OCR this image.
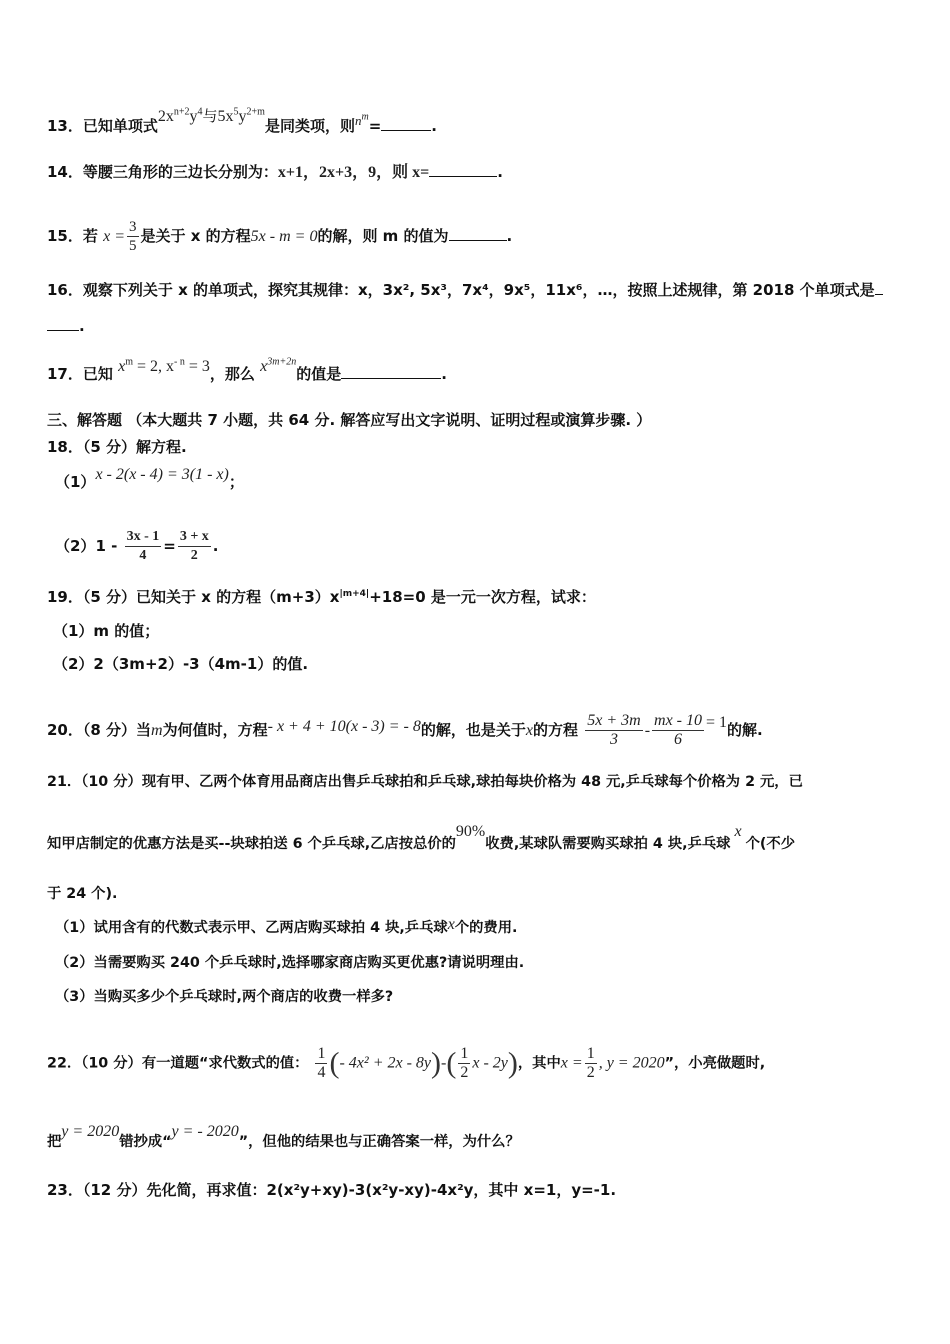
13．已知单项式$2x^{n+2}y^4$与$5x^5y^{2+m}$是同类项，则$n^m=$	.
14．等腰三角形的三边长分别为：x+1，2x+3，9，则 x=	.
15．若 $x = \frac{3}{5}$ 是关于 x 的方程5x - m = 0的解，则 m 的值为	.
16．观察下列关于 x 的单项式，探究其规律：x，3x², 5x³，7x⁴，9x⁵，11x⁶，…，按照上述规律，第 2018 个单项式是
.
17．已知 $x^m = 2$, $x^{- n} = 3$，那么 $x^{3m+2n}$的值是	.
三、解答题 （本大题共 7 小题，共 64 分. 解答应写出文字说明、证明过程或演算步骤. ）
18．（5 分）解方程.
（1）x - 2(x - 4) = 3(1 - x)；
$(2)1 - \frac{3x - 1}{4} = \frac{3 + x}{2}$ .
19．（5 分）已知关于 x 的方程$(m+3)x^{|m+4|}+18=0$ 是一元一次方程，试求：
（1）m 的值；
（2）2（3m+2）-3（4m-1）的值.
20．（8 分）当m为何值时，方程- x + 4 + 10(x - 3) = - 8的解，也是关于x的方程 $\frac{5x + 3m}{3} - \frac{mx - 10}{6} = 1$的解.
21．（10 分）现有甲、乙两个体育用品商店出售乒乓球拍和乒乓球,球拍每块价格为 48 元,乒乓球每个价格为 2 元，已
知甲店制定的优惠方法是买--块球拍送 6 个乒乓球,乙店按总价的90%收费,某球队需要购买球拍 4 块,乒乓球x个(不少
于 24 个).
（1）试用含有的代数式表示甲、乙两店购买球拍 4 块,乒乓球x个的费用.
（2）当需要购买 240 个乒乓球时,选择哪家商店购买更优惠?请说明理由.
（3）当购买多少个乒乓球时,两个商店的收费一样多?
22．（10 分）有一道题“求代数式的值： $\frac{1}{4}$ (- $4x^2 + 2x - 8y)-( \frac{1}{2}$ x - 2y)，其中$x = \frac{1}{2}$ , y = 2020”，小亮做题时,
把y = 2020错抄成“y = - 2020”，但他的结果也与正确答案一样，为什么？
23．（12 分）先化简，再求值：2(x²y+xy)-3(x²y-xy)-4x²y，其中 x=1，y=-1.
